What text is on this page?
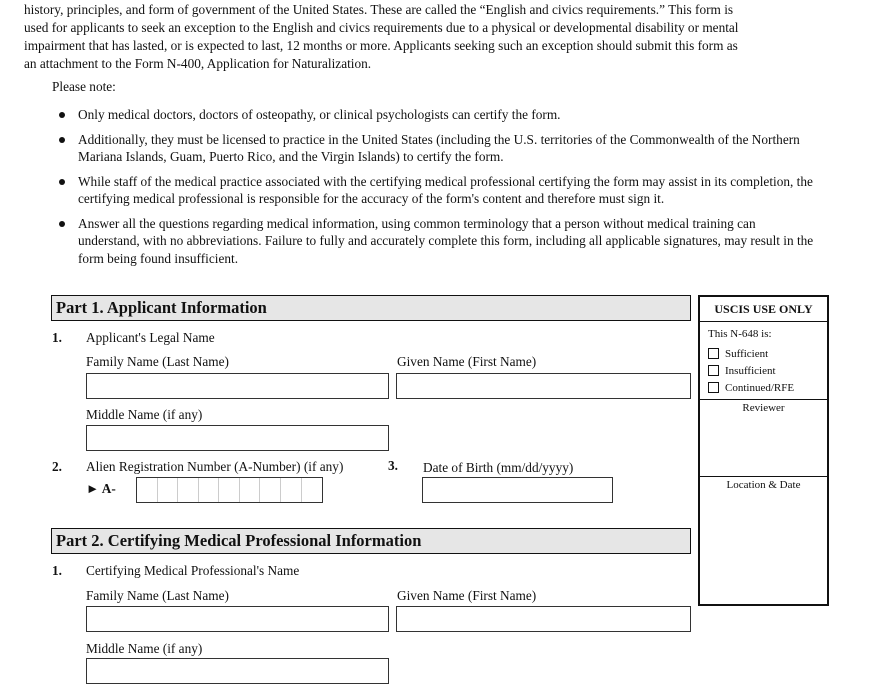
history, principles, and form of government of the United States. These are called the “English and civics requirements.” This form is
used for applicants to seek an exception to the English and civics requirements due to a physical or developmental disability or mental
impairment that has lasted, or is expected to last, 12 months or more. Applicants seeking such an exception should submit this form as
an attachment to the Form N-400, Application for Naturalization.
Please note:
Only medical doctors, doctors of osteopathy, or clinical psychologists can certify the form.
Additionally, they must be licensed to practice in the United States (including the U.S. territories of the Commonwealth of the Northern Mariana Islands, Guam, Puerto Rico, and the Virgin Islands) to certify the form.
While staff of the medical practice associated with the certifying medical professional certifying the form may assist in its completion, the certifying medical professional is responsible for the accuracy of the form's content and therefore must sign it.
Answer all the questions regarding medical information, using common terminology that a person without medical training can understand, with no abbreviations. Failure to fully and accurately complete this form, including all applicable signatures, may result in the form being found insufficient.
Part 1. Applicant Information
1. Applicant's Legal Name
Family Name (Last Name)	Given Name (First Name)
Middle Name (if any)
2. Alien Registration Number (A-Number) (if any)
► A-
3. Date of Birth (mm/dd/yyyy)
Part 2. Certifying Medical Professional Information
1. Certifying Medical Professional's Name
Family Name (Last Name)	Given Name (First Name)
Middle Name (if any)
USCIS USE ONLY
This N-648 is:
Sufficient
Insufficient
Continued/RFE
Reviewer
Location & Date
